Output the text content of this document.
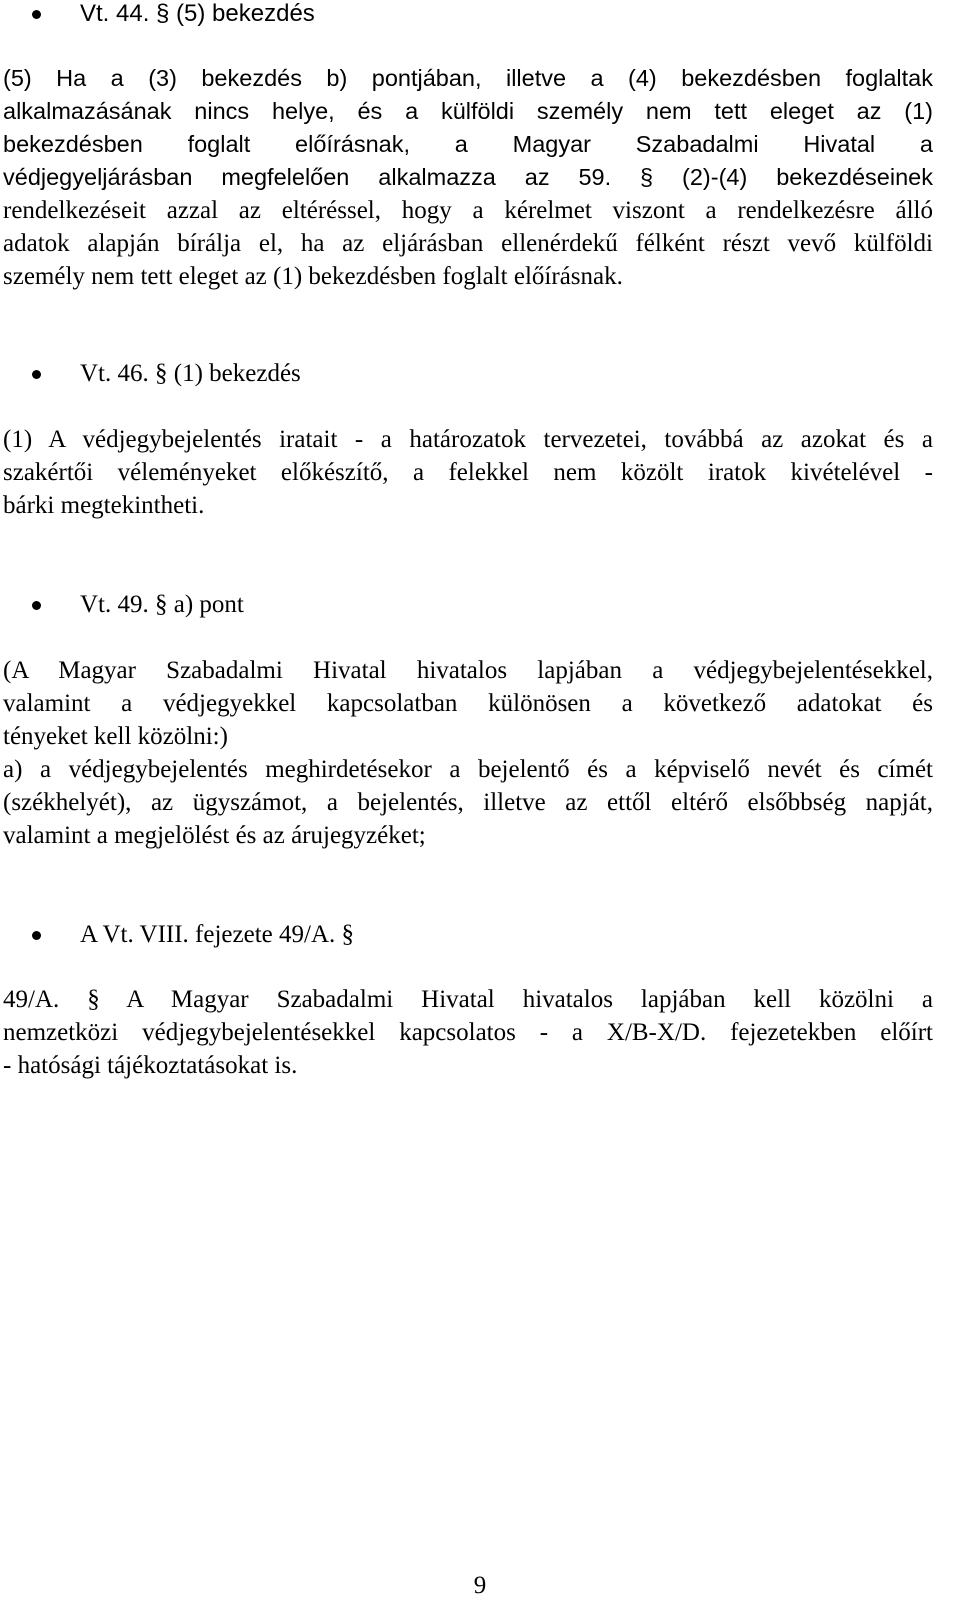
Vt. 44. § (5) bekezdés
(5) Ha a (3) bekezdés b) pontjában, illetve a (4) bekezdésben foglaltak
alkalmazásának nincs helye, és a külföldi személy nem tett eleget az (1)
bekezdésben foglalt előírásnak, a Magyar Szabadalmi Hivatal a
védjegyeljárásban megfelelően alkalmazza az 59. § (2)-(4) bekezdéseinek
rendelkezéseit azzal az eltéréssel, hogy a kérelmet viszont a rendelkezésre álló
adatok alapján bírálja el, ha az eljárásban ellenérdekű félként részt vevő külföldi
személy nem tett eleget az (1) bekezdésben foglalt előírásnak.
Vt. 46. § (1) bekezdés
(1) A védjegybejelentés iratait - a határozatok tervezetei, továbbá az azokat és a
szakértői véleményeket előkészítő, a felekkel nem közölt iratok kivételével -
bárki megtekintheti.
Vt. 49. § a) pont
(A Magyar Szabadalmi Hivatal hivatalos lapjában a védjegybejelentésekkel,
valamint a védjegyekkel kapcsolatban különösen a következő adatokat és
tényeket kell közölni:)
a) a védjegybejelentés meghirdetésekor a bejelentő és a képviselő nevét és címét
(székhelyét), az ügyszámot, a bejelentés, illetve az ettől eltérő elsőbbség napját,
valamint a megjelölést és az árujegyzéket;
A Vt. VIII. fejezete 49/A. §
49/A. § A Magyar Szabadalmi Hivatal hivatalos lapjában kell közölni a
nemzetközi védjegybejelentésekkel kapcsolatos - a X/B-X/D. fejezetekben előírt
- hatósági tájékoztatásokat is.
9
